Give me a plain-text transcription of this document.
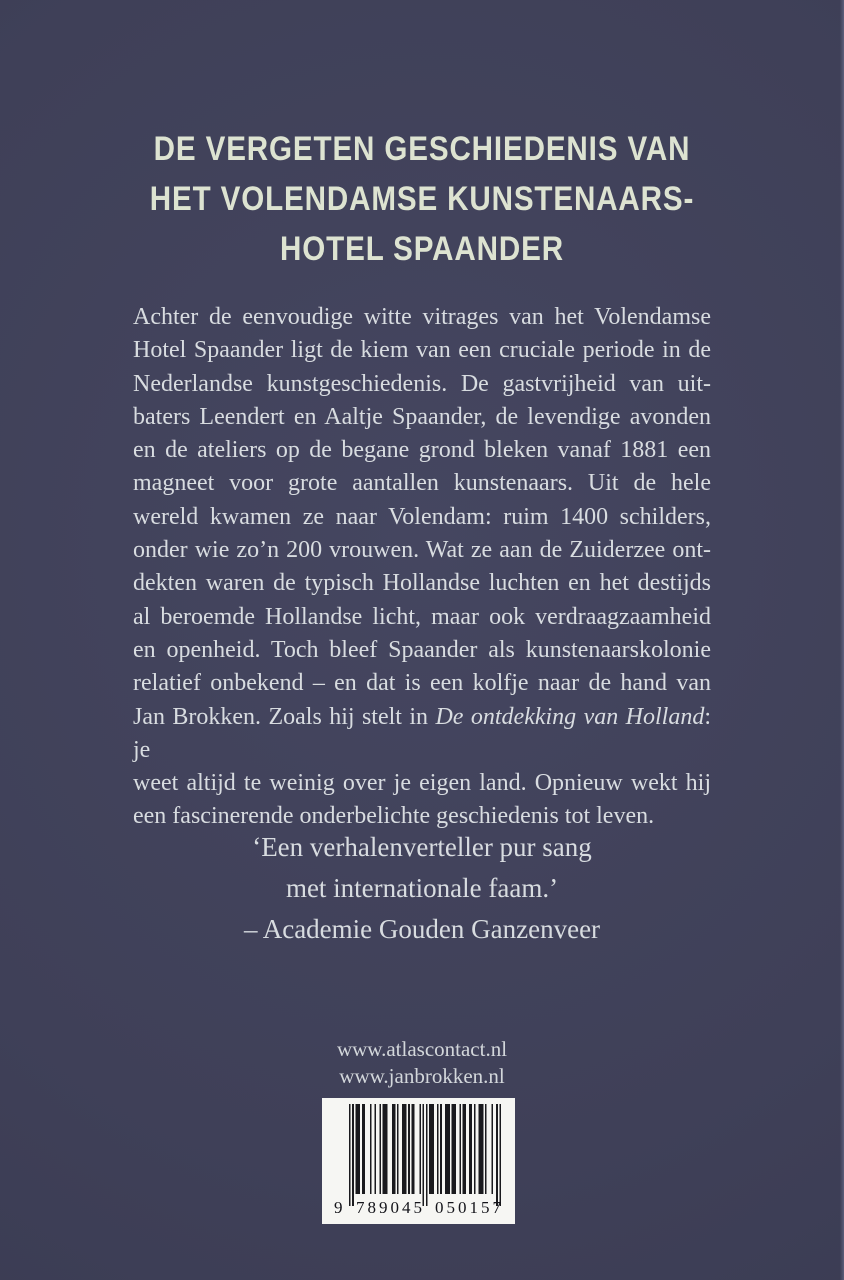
DE VERGETEN GESCHIEDENIS VAN
HET VOLENDAMSE KUNSTENAARS-
HOTEL SPAANDER
Achter de eenvoudige witte vitrages van het Volendamse
Hotel Spaander ligt de kiem van een cruciale periode in de
Nederlandse kunstgeschiedenis. De gastvrijheid van uit-
baters Leendert en Aaltje Spaander, de levendige avonden
en de ateliers op de begane grond bleken vanaf 1881 een
magneet voor grote aantallen kunstenaars. Uit de hele
wereld kwamen ze naar Volendam: ruim 1400 schilders,
onder wie zo’n 200 vrouwen. Wat ze aan de Zuiderzee ont-
dekten waren de typisch Hollandse luchten en het destijds
al beroemde Hollandse licht, maar ook verdraagzaamheid
en openheid. Toch bleef Spaander als kunstenaarskolonie
relatief onbekend – en dat is een kolfje naar de hand van
Jan Brokken. Zoals hij stelt in De ontdekking van Holland: je
weet altijd te weinig over je eigen land. Opnieuw wekt hij
een fascinerende onderbelichte geschiedenis tot leven.
‘Een verhalenverteller pur sang
met internationale faam.’
– Academie Gouden Ganzenveer
www.atlascontact.nl
www.janbrokken.nl
9 789045 050157
